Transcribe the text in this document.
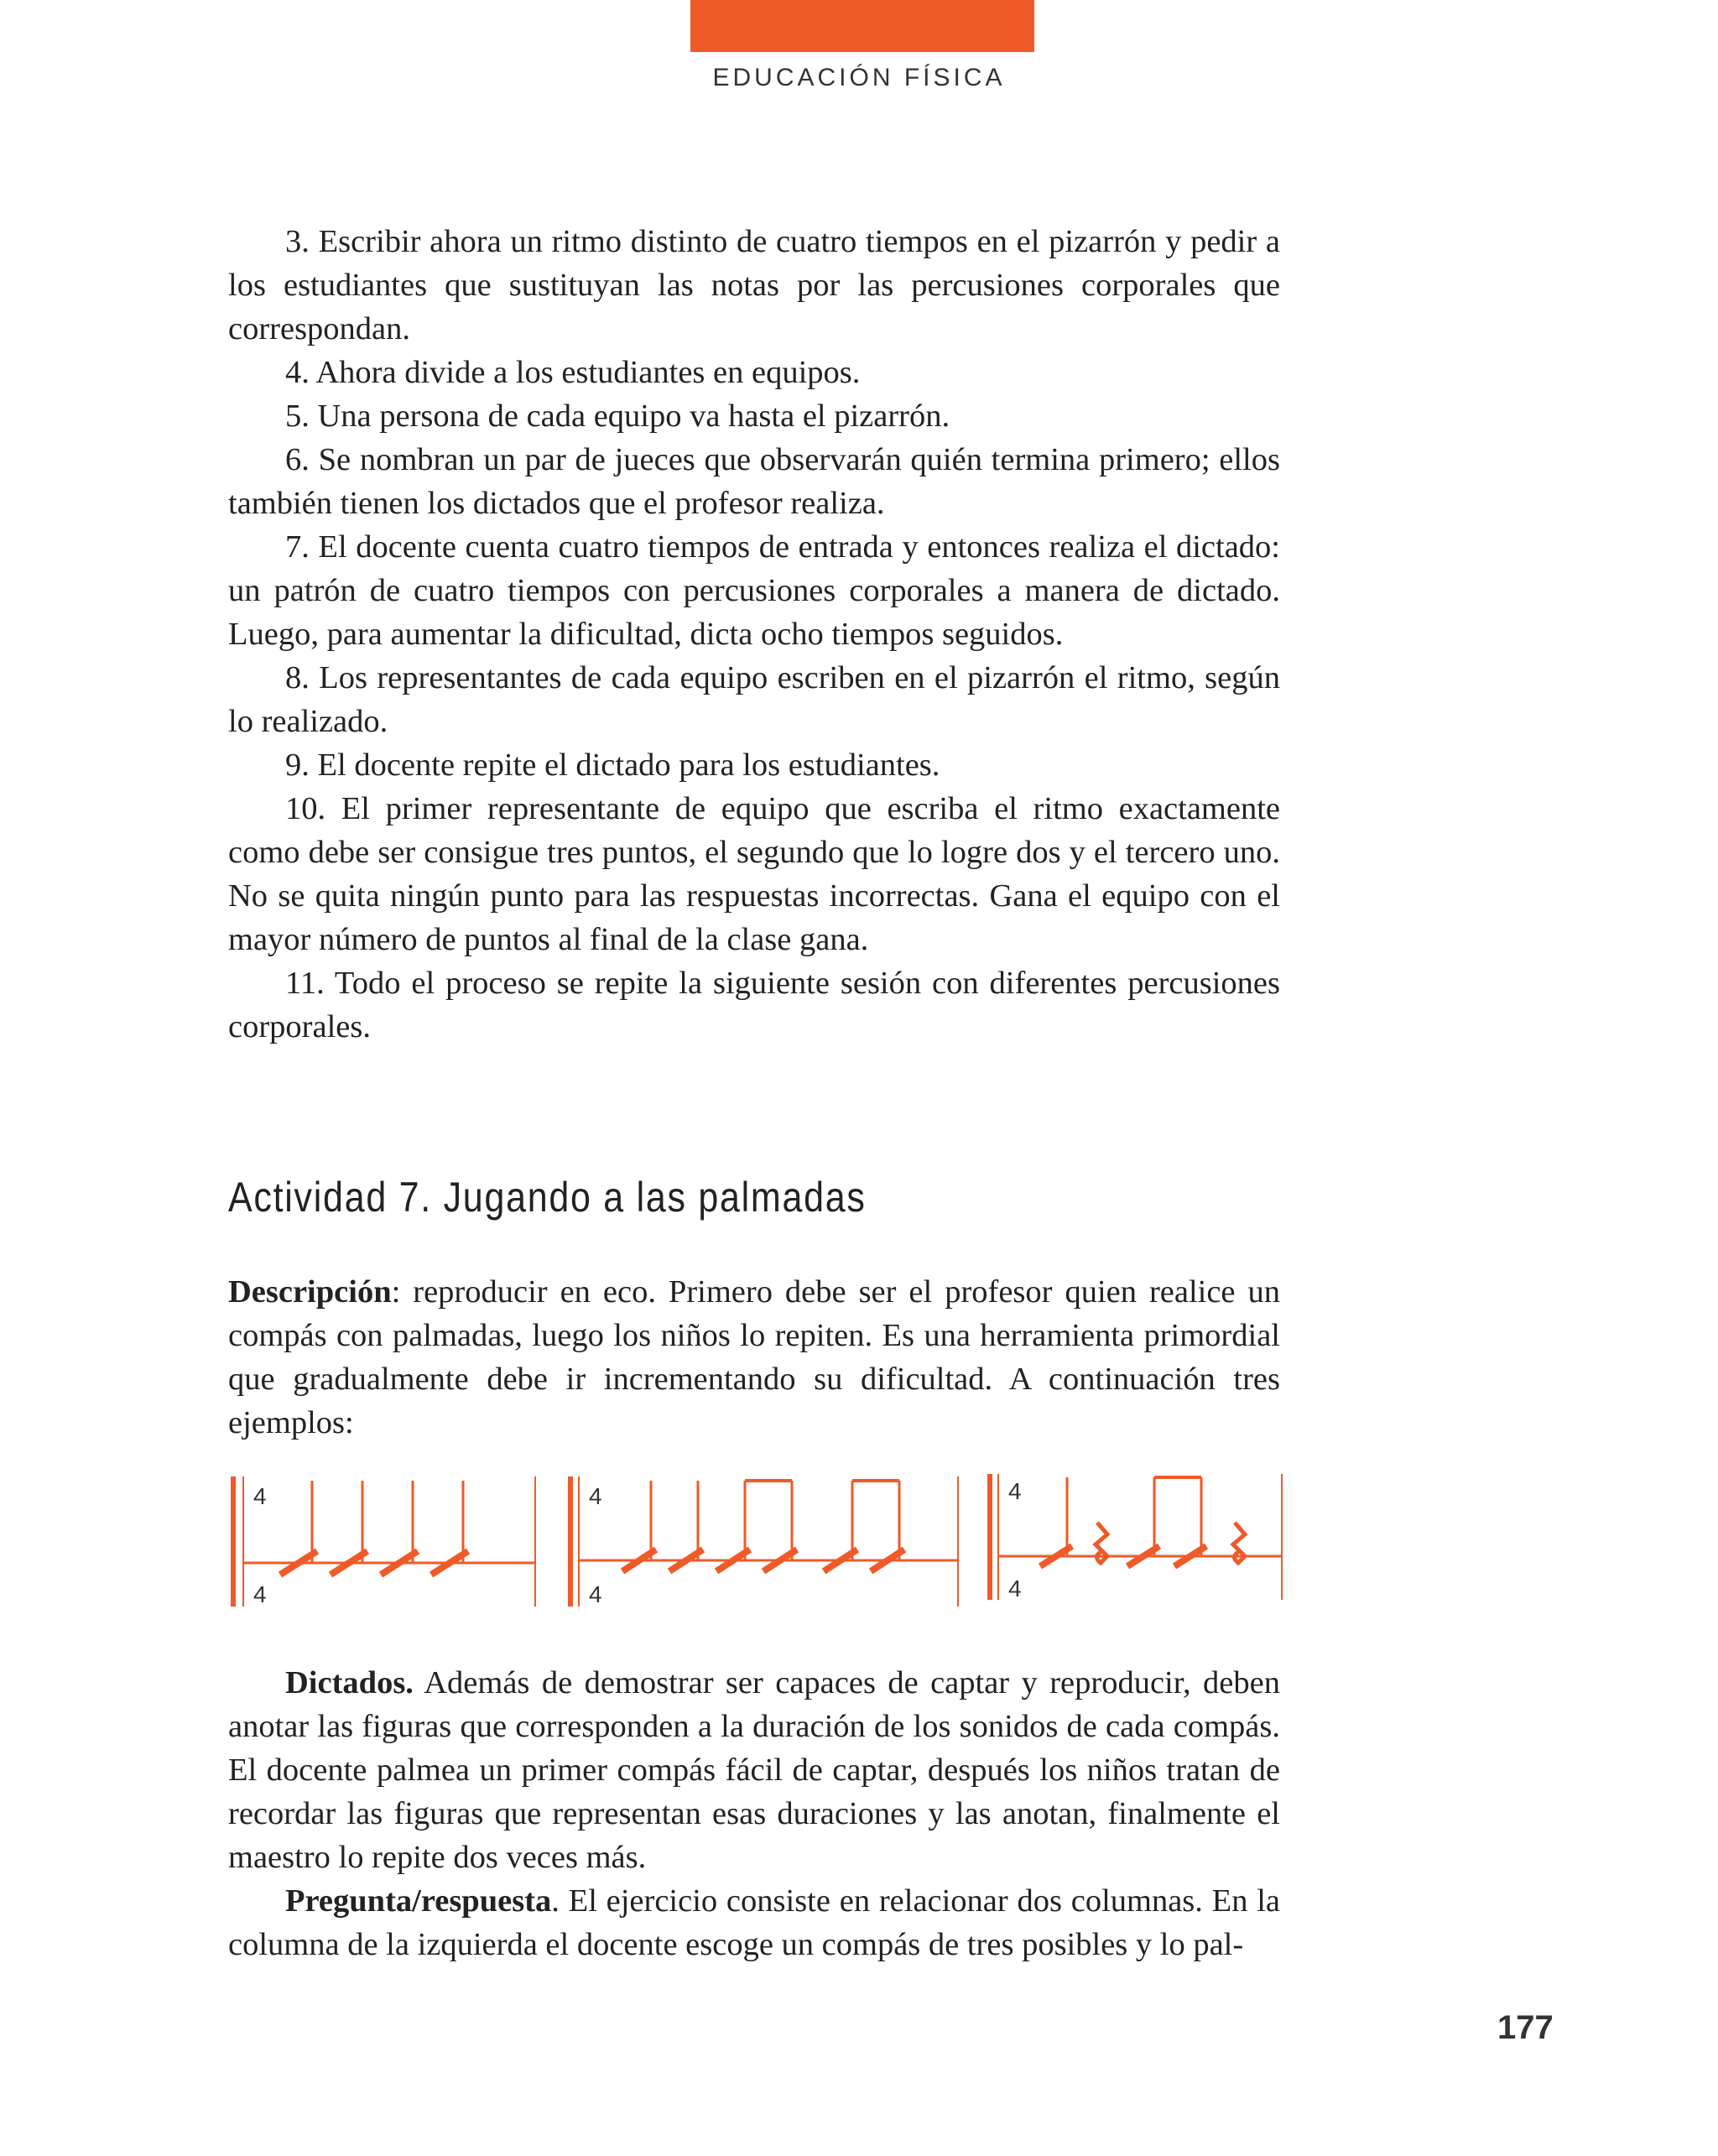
EDUCACIÓN FÍSICA

3. Escribir ahora un ritmo distinto de cuatro tiempos en el pizarrón y pedir a los estudiantes que sustituyan las notas por las percusiones corporales que correspondan.

4. Ahora divide a los estudiantes en equipos.

5. Una persona de cada equipo va hasta el pizarrón.

6. Se nombran un par de jueces que observarán quién termina primero; ellos también tienen los dictados que el profesor realiza.

7. El docente cuenta cuatro tiempos de entrada y entonces realiza el dictado: un patrón de cuatro tiempos con percusiones corporales a manera de dictado. Luego, para aumentar la dificultad, dicta ocho tiempos seguidos.

8. Los representantes de cada equipo escriben en el pizarrón el ritmo, según lo realizado.

9. El docente repite el dictado para los estudiantes.

10. El primer representante de equipo que escriba el ritmo exactamente como debe ser consigue tres puntos, el segundo que lo logre dos y el tercero uno. No se quita ningún punto para las respuestas incorrectas. Gana el equipo con el mayor número de puntos al final de la clase gana.

11. Todo el proceso se repite la siguiente sesión con diferentes percusiones corporales.

Actividad 7. Jugando a las palmadas

Descripción: reproducir en eco. Primero debe ser el profesor quien realice un compás con palmadas, luego los niños lo repiten. Es una herramienta primordial que gradualmente debe ir incrementando su dificultad. A continuación tres ejemplos:

4
4
4
4
4
4

Dictados. Además de demostrar ser capaces de captar y reproducir, deben anotar las figuras que corresponden a la duración de los sonidos de cada compás. El docente palmea un primer compás fácil de captar, después los niños tratan de recordar las figuras que representan esas duraciones y las anotan, finalmente el maestro lo repite dos veces más.

Pregunta/respuesta. El ejercicio consiste en relacionar dos columnas. En la columna de la izquierda el docente escoge un compás de tres posibles y lo pal-

177
